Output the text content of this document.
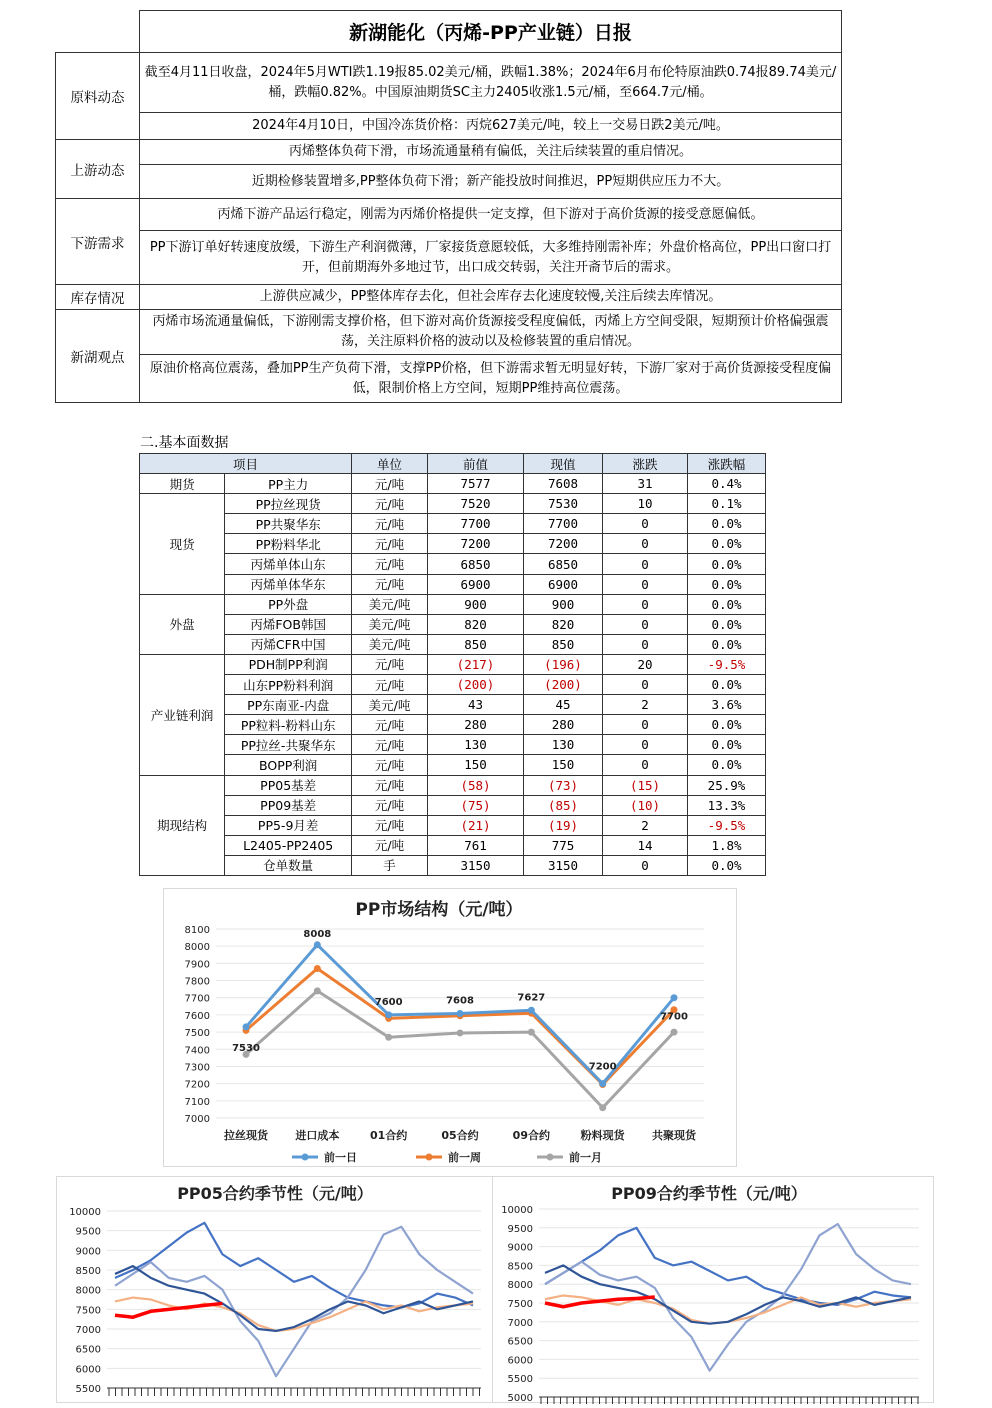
	新湖能化（丙烯-PP产业链）日报
原料动态	截至4月11日收盘，2024年5月WTI跌1.19报85.02美元/桶，跌幅1.38%；2024年6月布伦特原油跌0.74报89.74美元/桶，跌幅0.82%。中国原油期货SC主力2405收涨1.5元/桶，至664.7元/桶。
	2024年4月10日，中国冷冻货价格：丙烷627美元/吨，较上一交易日跌2美元/吨。
上游动态	丙烯整体负荷下滑，市场流通量稍有偏低，关注后续装置的重启情况。
	近期检修装置增多,PP整体负荷下滑；新产能投放时间推迟，PP短期供应压力不大。
下游需求	丙烯下游产品运行稳定，刚需为丙烯价格提供一定支撑，但下游对于高价货源的接受意愿偏低。
	PP下游订单好转速度放缓，下游生产利润微薄，厂家接货意愿较低，大多维持刚需补库；外盘价格高位，PP出口窗口打开，但前期海外多地过节，出口成交转弱，关注开斋节后的需求。
库存情况	上游供应减少，PP整体库存去化，但社会库存去化速度较慢,关注后续去库情况。
新湖观点	丙烯市场流通量偏低，下游刚需支撑价格，但下游对高价货源接受程度偏低，丙烯上方空间受限，短期预计价格偏强震荡，关注原料价格的波动以及检修装置的重启情况。
	原油价格高位震荡，叠加PP生产负荷下滑，支撑PP价格，但下游需求暂无明显好转，下游厂家对于高价货源接受程度偏低，限制价格上方空间，短期PP维持高位震荡。
二.基本面数据
项目		单位	前值	现值	涨跌	涨跌幅
期货	PP主力	元/吨	7577	7608	31	0.4%
现货	PP拉丝现货	元/吨	7520	7530	10	0.1%
	PP共聚华东	元/吨	7700	7700	0	0.0%
	PP粉料华北	元/吨	7200	7200	0	0.0%
	丙烯单体山东	元/吨	6850	6850	0	0.0%
	丙烯单体华东	元/吨	6900	6900	0	0.0%
外盘	PP外盘	美元/吨	900	900	0	0.0%
	丙烯FOB韩国	美元/吨	820	820	0	0.0%
	丙烯CFR中国	美元/吨	850	850	0	0.0%
产业链利润	PDH制PP利润	元/吨	(217)	(196)	20	-9.5%
	山东PP粉料利润	元/吨	(200)	(200)	0	0.0%
	PP东南亚-内盘	美元/吨	43	45	2	3.6%
	PP粒料-粉料山东	元/吨	280	280	0	0.0%
	PP拉丝-共聚华东	元/吨	130	130	0	0.0%
	BOPP利润	元/吨	150	150	0	0.0%
期现结构	PP05基差	元/吨	(58)	(73)	(15)	25.9%
	PP09基差	元/吨	(75)	(85)	(10)	13.3%
	PP5-9月差	元/吨	(21)	(19)	2	-9.5%
	L2405-PP2405	元/吨	761	775	14	1.8%
	仓单数量	手	3150	3150	0	0.0%
PP市场结构（元/吨）
7000
7100
7200
7300
7400
7500
7600
7700
7800
7900
8000
8100
拉丝现货 进口成本	01合约	05合约	09合约	粉料现货 共聚现货
7530
8008
7600	7608	7627
7200
7700
前一日	前一周	前一月
PP05合约季节性（元/吨）
5500
6000
6500
7000
7500
8000
8500
9000
9500
10000
PP09合约季节性（元/吨）
5000
5500
6000
6500
7000
7500
8000
8500
9000
9500
10000
